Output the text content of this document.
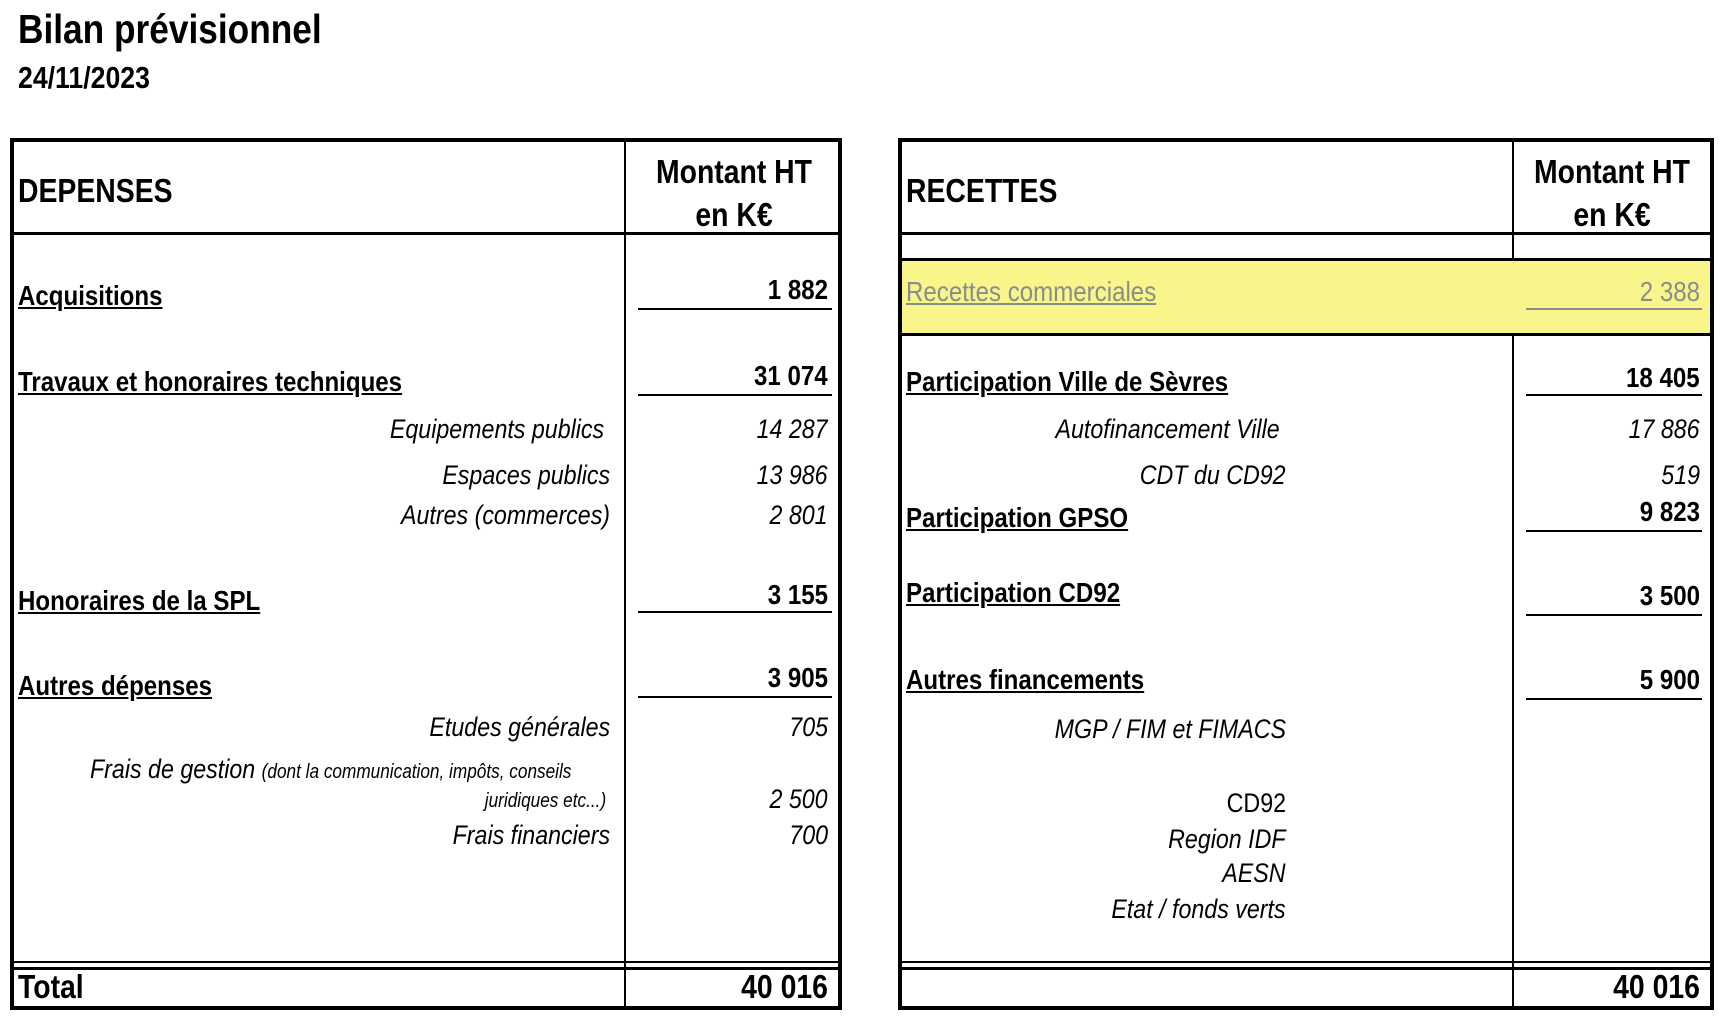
Bilan prévisionnel
24/11/2023
DEPENSES
Montant HT
en K€
Acquisitions	1 882
Travaux et honoraires techniques	31 074
Equipements publics	14 287
Espaces publics	13 986
Autres (commerces)	2 801
Honoraires de la SPL	3 155
Autres dépenses	3 905
Etudes générales	705
Frais de gestion (dont la communication, impôts, conseils
juridiques etc...)	2 500
Frais financiers	700
Total	40 016
RECETTES
Montant HT
en K€
Recettes commerciales	2 388
Participation Ville de Sèvres	18 405
Autofinancement Ville	17 886
CDT du CD92	519
Participation GPSO	9 823
Participation CD92	3 500
Autres financements	5 900
MGP / FIM et FIMACS
CD92
Region IDF
AESN
Etat / fonds verts
40 016
